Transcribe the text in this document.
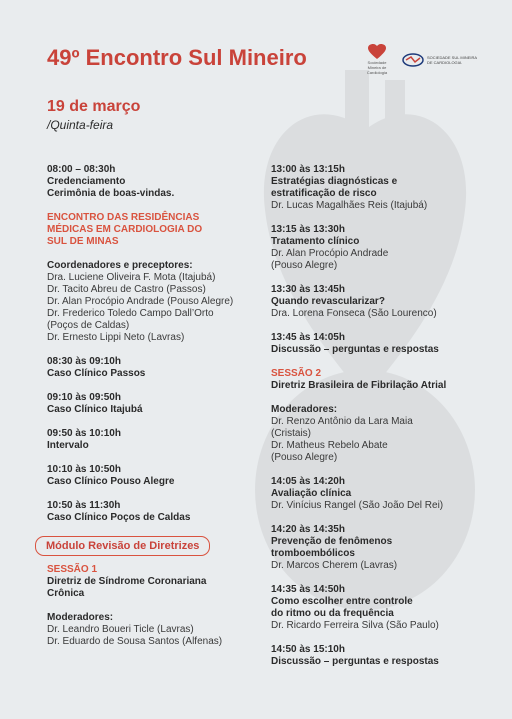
49º Encontro Sul Mineiro	Sociedade Mineira de Cardiologia
SOCIEDADE SUL MINEIRA DE CARDIOLOGIA
19 de março
/Quinta-feira
08:00 – 08:30h
Credenciamento
Cerimônia de boas-vindas.
ENCONTRO DAS RESIDÊNCIAS
MÉDICAS EM CARDIOLOGIA DO
SUL DE MINAS
Coordenadores e preceptores:
Dra. Luciene Oliveira F. Mota (Itajubá)
Dr. Tacito Abreu de Castro (Passos)
Dr. Alan Procópio Andrade (Pouso Alegre)
Dr. Frederico Toledo Campo Dall’Orto
(Poços de Caldas)
Dr. Ernesto Lippi Neto (Lavras)
08:30 às 09:10h
Caso Clínico Passos
09:10 às 09:50h
Caso Clínico Itajubá
09:50 às 10:10h
Intervalo
10:10 às 10:50h
Caso Clínico Pouso Alegre
10:50 às 11:30h
Caso Clínico Poços de Caldas
Módulo Revisão de Diretrizes
SESSÃO 1
Diretriz de Síndrome Coronariana
Crônica
Moderadores:
Dr. Leandro Boueri Ticle (Lavras)
Dr. Eduardo de Sousa Santos (Alfenas)
13:00 às 13:15h
Estratégias diagnósticas e
estratificação de risco
Dr. Lucas Magalhães Reis (Itajubá)
13:15 às 13:30h
Tratamento clínico
Dr. Alan Procópio Andrade
(Pouso Alegre)
13:30 às 13:45h
Quando revascularizar?
Dra. Lorena Fonseca (São Lourenco)
13:45 às 14:05h
Discussão – perguntas e respostas
SESSÃO 2
Diretriz Brasileira de Fibrilação Atrial
Moderadores:
Dr. Renzo Antônio da Lara Maia
(Cristais)
Dr. Matheus Rebelo Abate
(Pouso Alegre)
14:05 às 14:20h
Avaliação clínica
Dr. Vinícius Rangel (São João Del Rei)
14:20 às 14:35h
Prevenção de fenômenos
tromboembólicos
Dr. Marcos Cherem (Lavras)
14:35 às 14:50h
Como escolher entre controle
do ritmo ou da frequência
Dr. Ricardo Ferreira Silva (São Paulo)
14:50 às 15:10h
Discussão – perguntas e respostas
